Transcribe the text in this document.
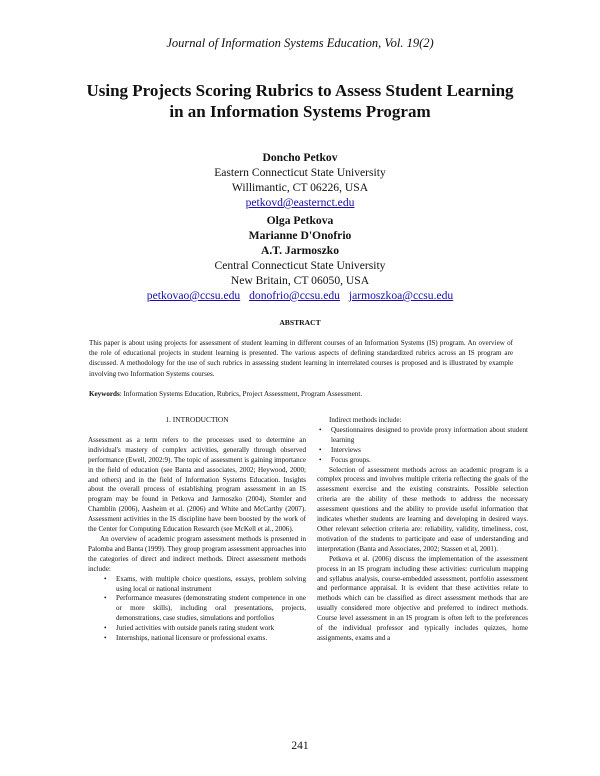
Journal of Information Systems Education, Vol. 19(2)
Using Projects Scoring Rubrics to Assess Student Learning
in an Information Systems Program
Doncho Petkov
Eastern Connecticut State University
Willimantic, CT 06226, USA
petkovd@easternct.edu
Olga Petkova
Marianne D'Onofrio
A.T. Jarmoszko
Central Connecticut State University
New Britain, CT 06050, USA
petkovao@ccsu.edu donofrio@ccsu.edu jarmoszkoa@ccsu.edu
ABSTRACT
This paper is about using projects for assessment of student learning in different courses of an Information Systems (IS) program. An overview of the role of educational projects in student learning is presented. The various aspects of defining standardized rubrics across an IS program are discussed. A methodology for the use of such rubrics in assessing student learning in interrelated courses is proposed and is illustrated by example involving two Information Systems courses.
Keywords: Information Systems Education, Rubrics, Project Assessment, Program Assessment.
1. INTRODUCTION

Assessment as a term refers to the processes used to determine an individual's mastery of complex activities, generally through observed performance (Ewell, 2002:9). The topic of assessment is gaining importance in the field of education (see Banta and associates, 2002; Heywood, 2000; and others) and in the field of Information Systems Education. Insights about the overall process of establishing program assessment in an IS program may be found in Petkova and Jarmoszko (2004), Stemler and Chamblin (2006), Aasheim et al. (2006) and White and McCarthy (2007). Assessment activities in the IS discipline have been boosted by the work of the Center for Computing Education Research (see McKell et al., 2006).

An overview of academic program assessment methods is presented in Palomba and Banta (1999). They group program assessment approaches into the categories of direct and indirect methods. Direct assessment methods include:

• Exams, with multiple choice questions, essays, problem solving using local or national instrument
• Performance measures (demonstrating student competence in one or more skills), including oral presentations, projects, demonstrations, case studies, simulations and portfolios
• Juried activities with outside panels rating student work
• Internships, national licensure or professional exams.

Indirect methods include:

• Questionnaires designed to provide proxy information about student learning
• Interviews
• Focus groups.

Selection of assessment methods across an academic program is a complex process and involves multiple criteria reflecting the goals of the assessment exercise and the existing constraints. Possible selection criteria are the ability of these methods to address the necessary assessment questions and the ability to provide useful information that indicates whether students are learning and developing in desired ways. Other relevant selection criteria are: reliability, validity, timeliness, cost, motivation of the students to participate and ease of understanding and interpretation (Banta and Associates, 2002; Stassen et al, 2001).

Petkova et al. (2006) discuss the implementation of the assessment process in an IS program including these activities: curriculum mapping and syllabus analysis, course-embedded assessment, portfolio assessment and performance appraisal. It is evident that these activities relate to methods which can be classified as direct assessment methods that are usually considered more objective and preferred to indirect methods. Course level assessment in an IS program is often left to the preferences of the individual professor and typically includes quizzes, home assignments, exams and a

241
